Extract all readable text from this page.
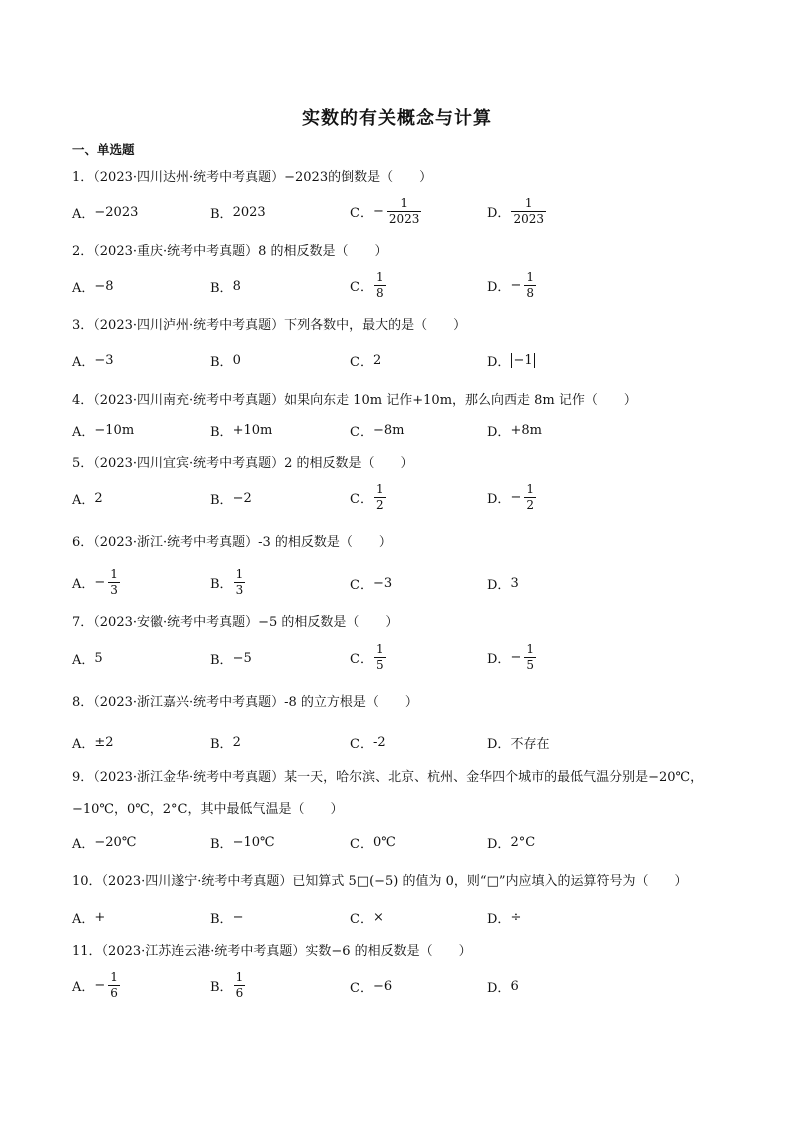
实数的有关概念与计算
一、单选题
1．（2023·四川达州·统考中考真题）−2023的倒数是（　　）
A． −2023	B． 2023	C． − $\frac{1}{2023}$	D． $\frac{1}{2023}$
2．（2023·重庆·统考中考真题）8 的相反数是（　　）
A． −8	B． 8	C． $\frac{1}{8}$	D． − $\frac{1}{8}$
3．（2023·四川泸州·统考中考真题）下列各数中，最大的是（　　）
A． −3	B． 0	C． 2	D． −1
4．（2023·四川南充·统考中考真题）如果向东走 10m 记作+10m，那么向西走 8m 记作（　　）
A． −10m	B． +10m	C． −8m	D． +8m
5．（2023·四川宜宾·统考中考真题）2 的相反数是（　　）
A． 2	B． −2	C． $\frac{1}{2}$	D． − $\frac{1}{2}$
6．（2023·浙江·统考中考真题）-3 的相反数是（　　）
A． − $\frac{1}{3}$	B． $\frac{1}{3}$	C． −3	D． 3
7．（2023·安徽·统考中考真题）−5 的相反数是（　　）
A． 5	B． −5	C． $\frac{1}{5}$	D． − $\frac{1}{5}$
8．（2023·浙江嘉兴·统考中考真题）-8 的立方根是（　　）
A． ±2	B． 2	C． -2	D． 不存在
9．（2023·浙江金华·统考中考真题）某一天，哈尔滨、北京、杭州、金华四个城市的最低气温分别是−20℃，−10℃，0℃，2°C，其中最低气温是（　　）
A． −20℃	B． −10℃	C． 0℃	D． 2°C
10．（2023·四川遂宁·统考中考真题）已知算式 5□(−5) 的值为 0，则“□”内应填入的运算符号为（　　）
A． +	B． −	C． ×	D． ÷
11．（2023·江苏连云港·统考中考真题）实数−6 的相反数是（　　）
A． − $\frac{1}{6}$	B． $\frac{1}{6}$	C． −6	D． 6
